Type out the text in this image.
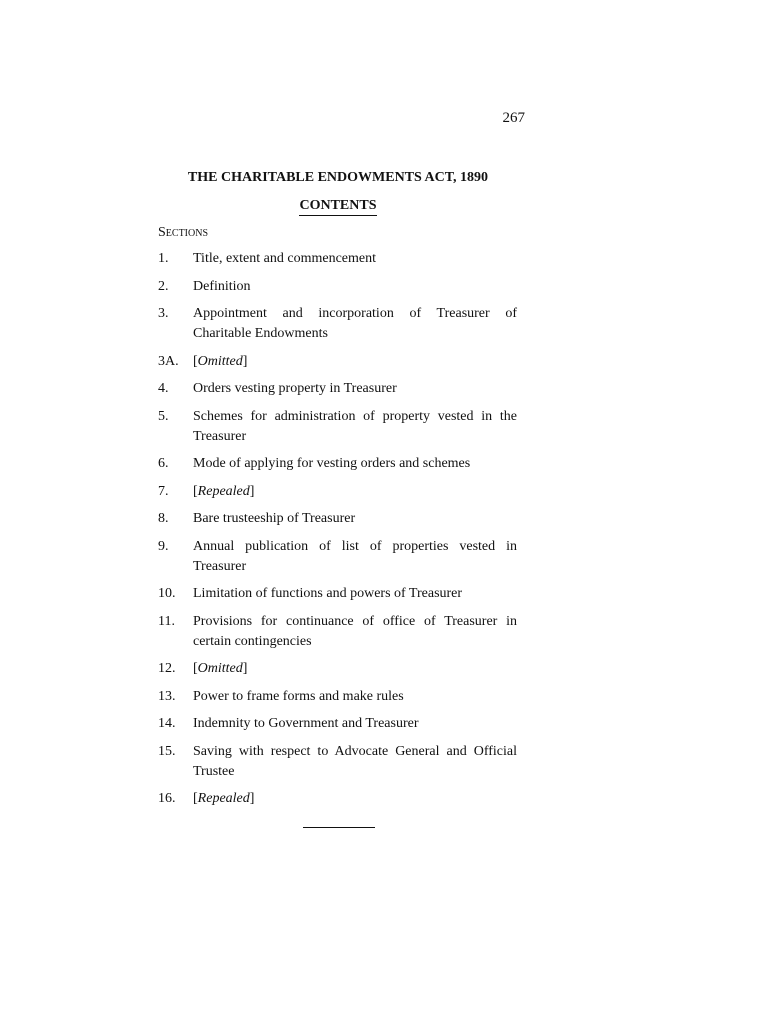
267
THE CHARITABLE ENDOWMENTS ACT, 1890
CONTENTS
Sections
1.	Title, extent and commencement
2.	Definition
3.	Appointment and incorporation of Treasurer of Charitable Endowments
3A.	[Omitted]
4.	Orders vesting property in Treasurer
5.	Schemes for administration of property vested in the Treasurer
6.	Mode of applying for vesting orders and schemes
7.	[Repealed]
8.	Bare trusteeship of Treasurer
9.	Annual publication of list of properties vested in Treasurer
10.	Limitation of functions and powers of Treasurer
11.	Provisions for continuance of office of Treasurer in certain contingencies
12.	[Omitted]
13.	Power to frame forms and make rules
14.	Indemnity to Government and Treasurer
15.	Saving with respect to Advocate General and Official Trustee
16.	[Repealed]
